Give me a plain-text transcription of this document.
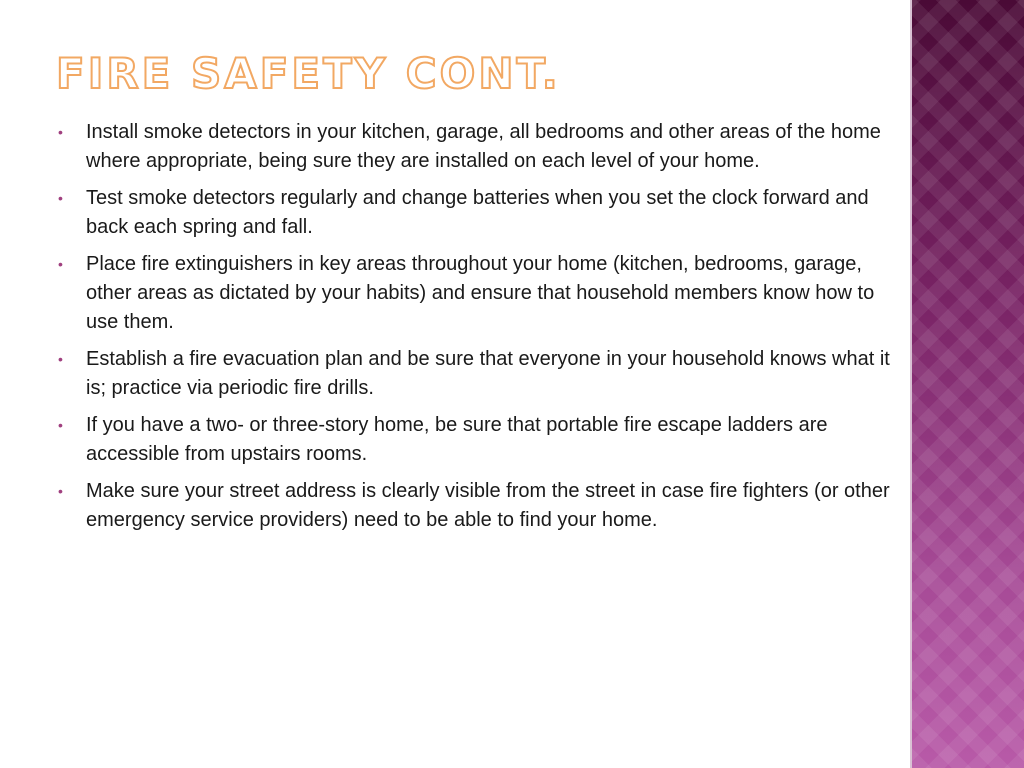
FIRE SAFETY CONT.
• Install smoke detectors in your kitchen, garage, all bedrooms and other areas of the home where appropriate, being sure they are installed on each level of your home.
• Test smoke detectors regularly and change batteries when you set the clock forward and back each spring and fall.
• Place fire extinguishers in key areas throughout your home (kitchen, bedrooms, garage, other areas as dictated by your habits) and ensure that household members know how to use them.
• Establish a fire evacuation plan and be sure that everyone in your household knows what it is; practice via periodic fire drills.
• If you have a two- or three-story home, be sure that portable fire escape ladders are accessible from upstairs rooms.
• Make sure your street address is clearly visible from the street in case fire fighters (or other emergency service providers) need to be able to find your home.
